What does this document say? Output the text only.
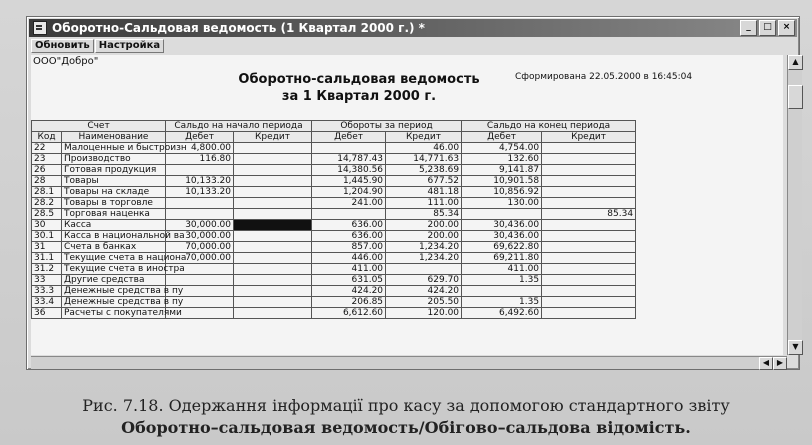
Оборотно-Сальдовая ведомость (1 Квартал 2000 г.) *	_	□	×
Обновить Настройка
ООО"Добро"
Сформирована 22.05.2000 в 16:45:04
Оборотно-сальдовая ведомость
за 1 Квартал 2000 г.
Счет		Сальдо на начало периода		Обороты за период		Сальдо на конец периода	
Код	Наименование	Дебет	Кредит	Дебет	Кредит	Дебет	Кредит
22	Малоценные и быстроизн	4,800.00			46.00	4,754.00	
23	Производство	116.80		14,787.43	14,771.63	132.60	
26	Готовая продукция			14,380.56	5,238.69	9,141.87	
28	Товары	10,133.20		1,445.90	677.52	10,901.58	
28.1	Товары на складе	10,133.20		1,204.90	481.18	10,856.92	
28.2	Товары в торговле			241.00	111.00	130.00	
28.5	Торговая наценка				85.34		85.34
30	Касса	30,000.00		636.00	200.00	30,436.00	
30.1	Касса в национальной ва	30,000.00		636.00	200.00	30,436.00	
31	Счета в банках	70,000.00		857.00	1,234.20	69,622.80	
31.1	Текущие счета в национа	70,000.00		446.00	1,234.20	69,211.80	
31.2	Текущие счета в иностра			411.00		411.00	
33	Другие средства			631.05	629.70	1.35	
33.3	Денежные средства в пу			424.20	424.20		
33.4	Денежные средства в пу			206.85	205.50	1.35	
36	Расчеты с покупателями			6,612.60	120.00	6,492.60	
▲
▼
◀ ▶
Рис. 7.18. Одержання інформації про касу за допомогою стандартного звіту
Оборотно–сальдовая ведомость/Обігово–сальдова відомість.
